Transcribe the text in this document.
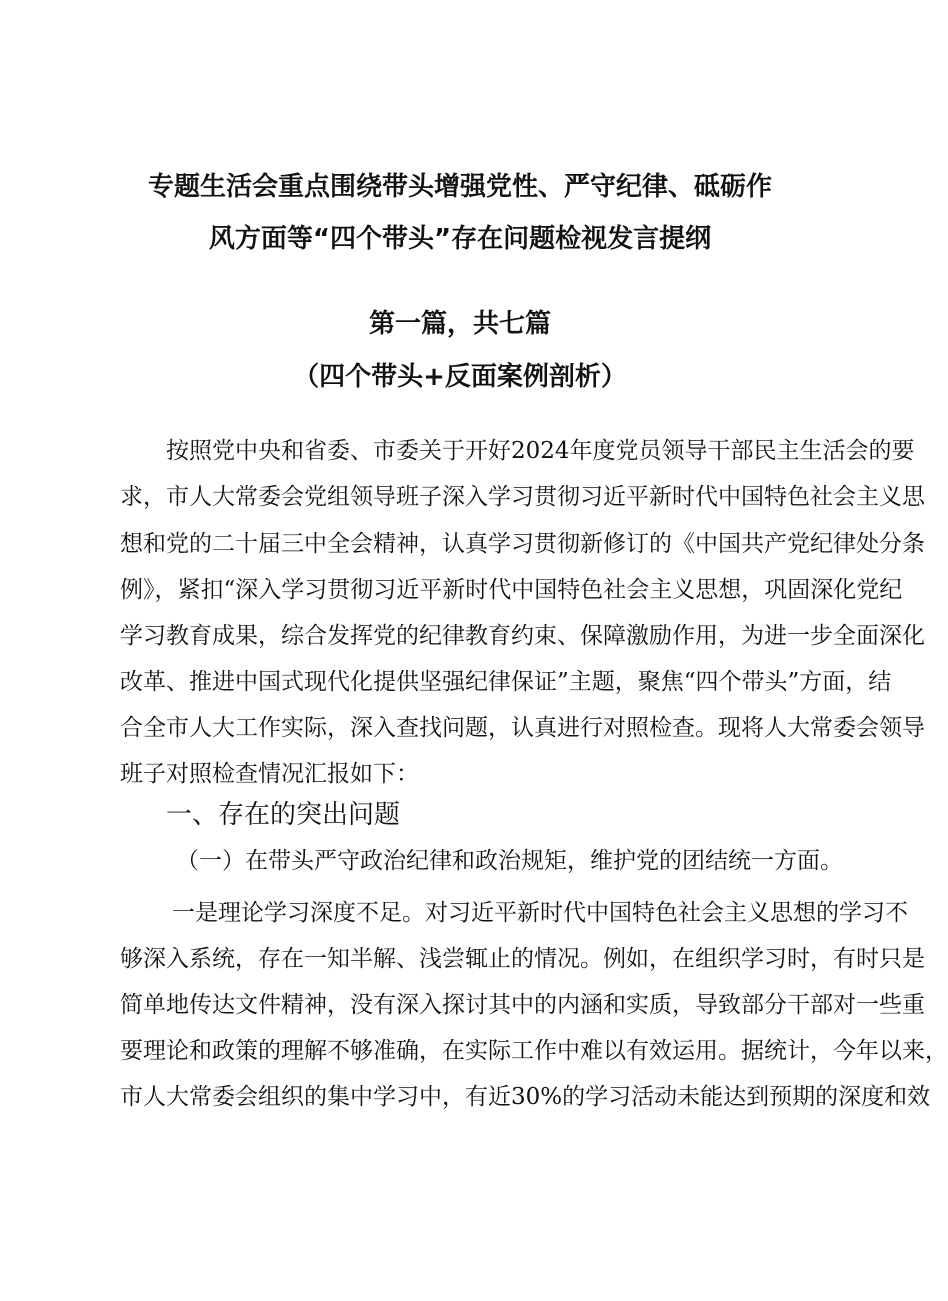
专题生活会重点围绕带头增强党性、严守纪律、砥砺作
风方面等“四个带头”存在问题检视发言提纲
第一篇，共七篇
（四个带头+反面案例剖析）
按照党中央和省委、市委关于开好2024年度党员领导干部民主生活会的要
求，市人大常委会党组领导班子深入学习贯彻习近平新时代中国特色社会主义思
想和党的二十届三中全会精神，认真学习贯彻新修订的《中国共产党纪律处分条
例》，紧扣“深入学习贯彻习近平新时代中国特色社会主义思想，巩固深化党纪
学习教育成果，综合发挥党的纪律教育约束、保障激励作用，为进一步全面深化
改革、推进中国式现代化提供坚强纪律保证”主题，聚焦“四个带头”方面，结
合全市人大工作实际，深入查找问题，认真进行对照检查。现将人大常委会领导
班子对照检查情况汇报如下：
一、存在的突出问题
（一）在带头严守政治纪律和政治规矩，维护党的团结统一方面。
一是理论学习深度不足。对习近平新时代中国特色社会主义思想的学习不
够深入系统，存在一知半解、浅尝辄止的情况。例如，在组织学习时，有时只是
简单地传达文件精神，没有深入探讨其中的内涵和实质，导致部分干部对一些重
要理论和政策的理解不够准确，在实际工作中难以有效运用。据统计，今年以来，
市人大常委会组织的集中学习中，有近30%的学习活动未能达到预期的深度和效
